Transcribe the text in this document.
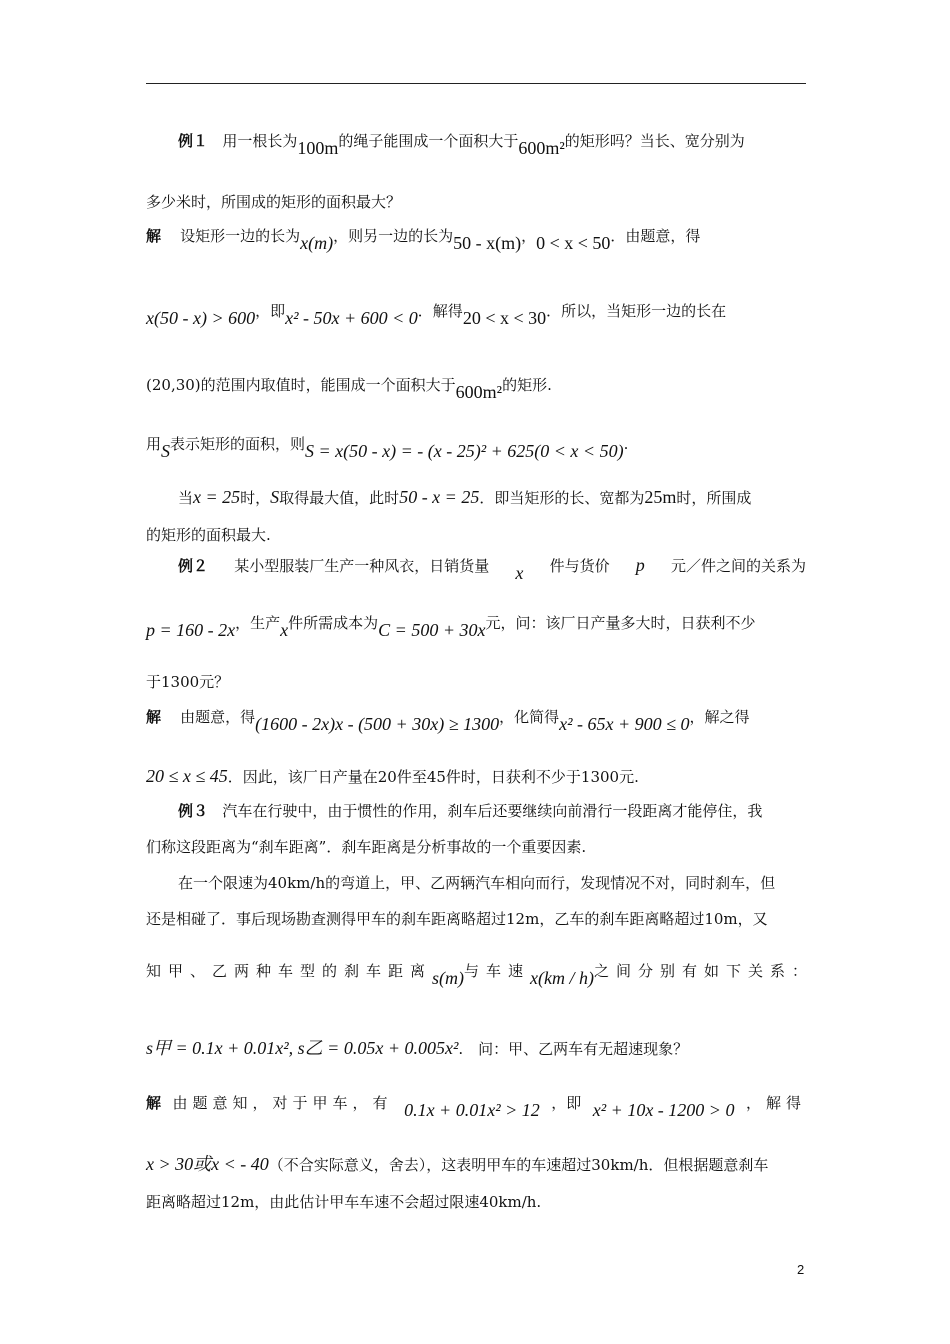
例１ 用一根长为100m的绳子能围成一个面积大于600m²的矩形吗？当长、宽分别为
多少米时，所围成的矩形的面积最大？
解 设矩形一边的长为x(m)，则另一边的长为50 - x(m)，0 < x < 50．由题意，得
x(50 - x) > 600，即x² - 50x + 600 < 0．解得20 < x < 30．所以，当矩形一边的长在
(20,30)的范围内取值时，能围成一个面积大于600m²的矩形.
用S表示矩形的面积，则S = x(50 - x) = - (x - 25)² + 625(0 < x < 50).
当x = 25时，S取得最大值，此时50 - x = 25．即当矩形的长、宽都为25m时，所围成
的矩形的面积最大.
例２ 某小型服装厂生产一种风衣，日销货量 x 件与货价 p 元／件之间的关系为
p = 160 - 2x，生产x件所需成本为C = 500 + 30x元，问：该厂日产量多大时，日获利不少
于1300元？
解 由题意，得(1600 - 2x)x - (500 + 30x) ≥ 1300，化简得x² - 65x + 900 ≤ 0，解之得
20 ≤ x ≤ 45．因此，该厂日产量在20件至45件时，日获利不少于1300元.
例３ 汽车在行驶中，由于惯性的作用，刹车后还要继续向前滑行一段距离才能停住，我
们称这段距离为“刹车距离”．刹车距离是分析事故的一个重要因素.
在一个限速为40km/h的弯道上，甲、乙两辆汽车相向而行，发现情况不对，同时刹车，但
还是相碰了．事后现场勘查测得甲车的刹车距离略超过12m，乙车的刹车距离略超过10m，又
知甲、乙两种车型的刹车距离 s(m) 与车速 x(km / h) 之间分别有如下关系：
s甲 = 0.1x + 0.01x², s乙 = 0.05x + 0.005x².　问：甲、乙两车有无超速现象？
解 由题意知，对于甲车，有 0.1x + 0.01x² > 12 ，即 x² + 10x - 1200 > 0 ，解得
x > 30或x < - 40（不合实际意义，舍去），这表明甲车的车速超过30km/h．但根据题意刹车
距离略超过12m，由此估计甲车车速不会超过限速40km/h.
2
